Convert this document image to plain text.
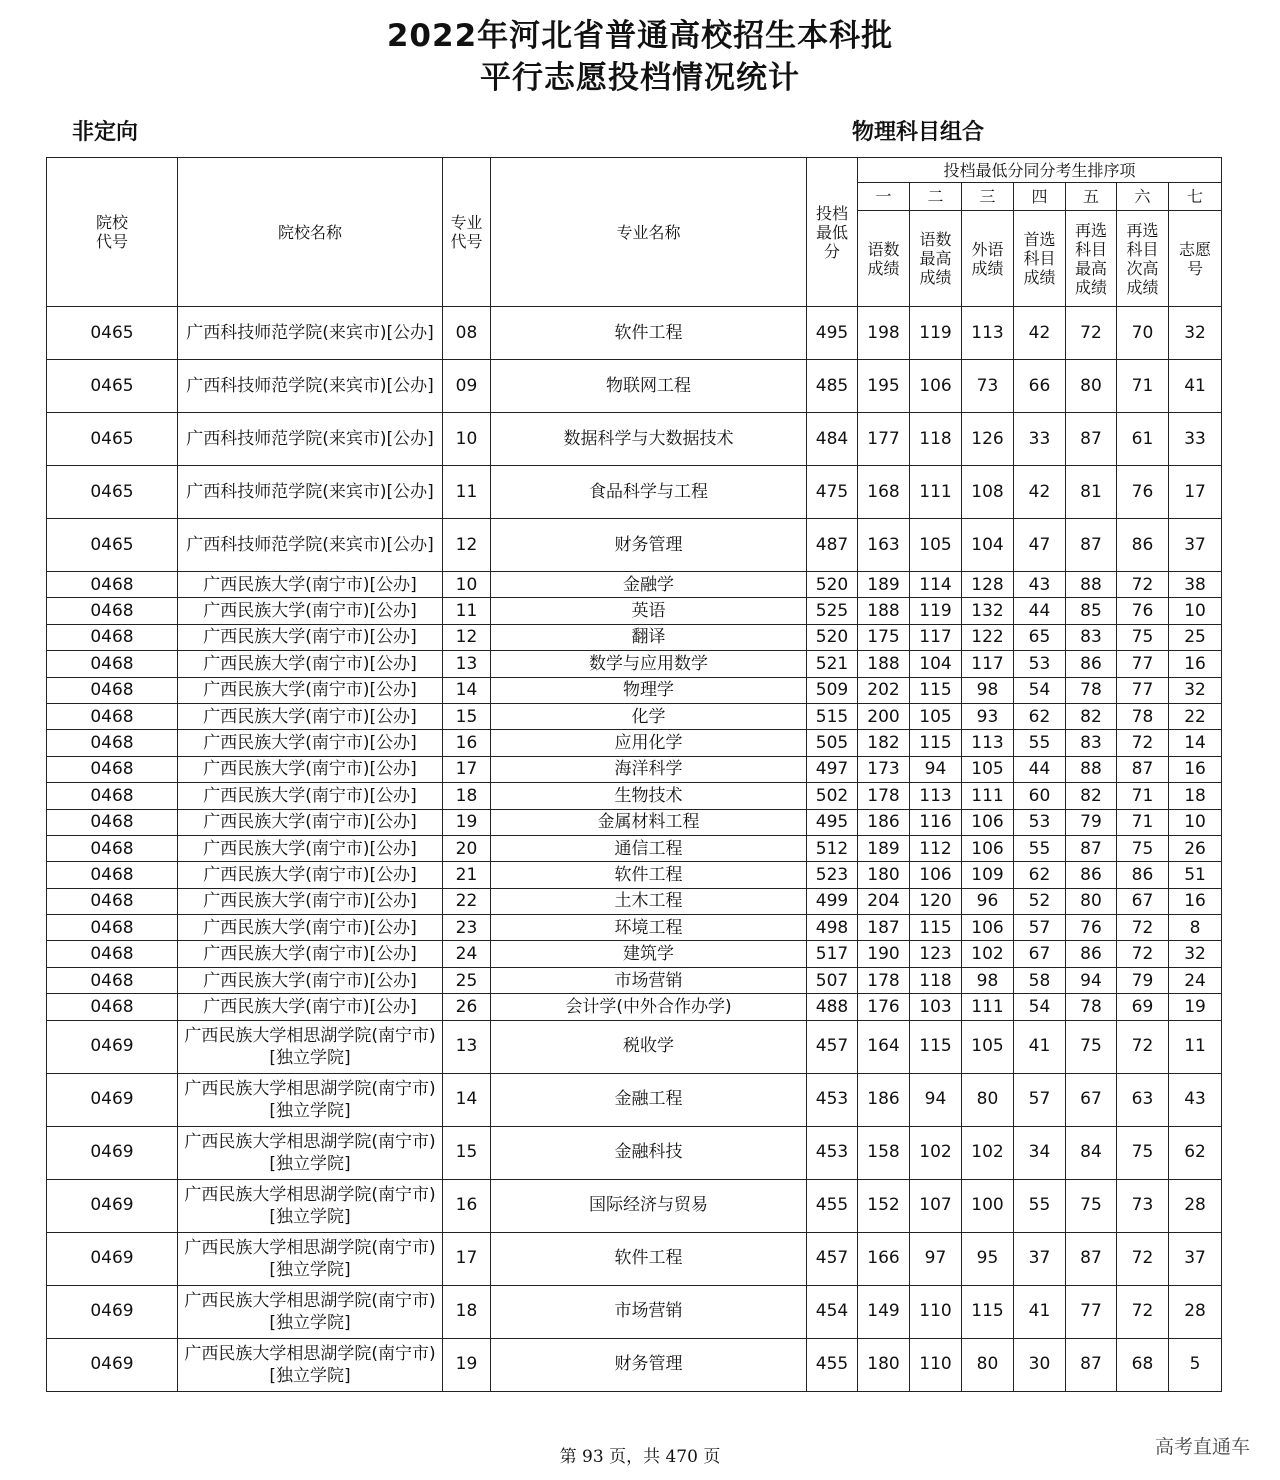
2022年河北省普通高校招生本科批
平行志愿投档情况统计
非定向	物理科目组合
院校代号	院校名称	专业代号	专业名称	投档最低分	投档最低分同分考生排序项						
					一	二	三	四	五	六	七
					语数成绩	语数最高成绩	外语成绩	首选科目成绩	再选科目最高成绩	再选科目次高成绩	志愿号
0465	广西科技师范学院(来宾市)[公办]	08	软件工程	495	198	119	113	42	72	70	32
0465	广西科技师范学院(来宾市)[公办]	09	物联网工程	485	195	106	73	66	80	71	41
0465	广西科技师范学院(来宾市)[公办]	10	数据科学与大数据技术	484	177	118	126	33	87	61	33
0465	广西科技师范学院(来宾市)[公办]	11	食品科学与工程	475	168	111	108	42	81	76	17
0465	广西科技师范学院(来宾市)[公办]	12	财务管理	487	163	105	104	47	87	86	37
0468	广西民族大学(南宁市)[公办]	10	金融学	520	189	114	128	43	88	72	38
0468	广西民族大学(南宁市)[公办]	11	英语	525	188	119	132	44	85	76	10
0468	广西民族大学(南宁市)[公办]	12	翻译	520	175	117	122	65	83	75	25
0468	广西民族大学(南宁市)[公办]	13	数学与应用数学	521	188	104	117	53	86	77	16
0468	广西民族大学(南宁市)[公办]	14	物理学	509	202	115	98	54	78	77	32
0468	广西民族大学(南宁市)[公办]	15	化学	515	200	105	93	62	82	78	22
0468	广西民族大学(南宁市)[公办]	16	应用化学	505	182	115	113	55	83	72	14
0468	广西民族大学(南宁市)[公办]	17	海洋科学	497	173	94	105	44	88	87	16
0468	广西民族大学(南宁市)[公办]	18	生物技术	502	178	113	111	60	82	71	18
0468	广西民族大学(南宁市)[公办]	19	金属材料工程	495	186	116	106	53	79	71	10
0468	广西民族大学(南宁市)[公办]	20	通信工程	512	189	112	106	55	87	75	26
0468	广西民族大学(南宁市)[公办]	21	软件工程	523	180	106	109	62	86	86	51
0468	广西民族大学(南宁市)[公办]	22	土木工程	499	204	120	96	52	80	67	16
0468	广西民族大学(南宁市)[公办]	23	环境工程	498	187	115	106	57	76	72	8
0468	广西民族大学(南宁市)[公办]	24	建筑学	517	190	123	102	67	86	72	32
0468	广西民族大学(南宁市)[公办]	25	市场营销	507	178	118	98	58	94	79	24
0468	广西民族大学(南宁市)[公办]	26	会计学(中外合作办学)	488	176	103	111	54	78	69	19
0469	广西民族大学相思湖学院(南宁市)[独立学院]	13	税收学	457	164	115	105	41	75	72	11
0469	广西民族大学相思湖学院(南宁市)[独立学院]	14	金融工程	453	186	94	80	57	67	63	43
0469	广西民族大学相思湖学院(南宁市)[独立学院]	15	金融科技	453	158	102	102	34	84	75	62
0469	广西民族大学相思湖学院(南宁市)[独立学院]	16	国际经济与贸易	455	152	107	100	55	75	73	28
0469	广西民族大学相思湖学院(南宁市)[独立学院]	17	软件工程	457	166	97	95	37	87	72	37
0469	广西民族大学相思湖学院(南宁市)[独立学院]	18	市场营销	454	149	110	115	41	77	72	28
0469	广西民族大学相思湖学院(南宁市)[独立学院]	19	财务管理	455	180	110	80	30	87	68	5
第 93 页，共 470 页	高考直通车
